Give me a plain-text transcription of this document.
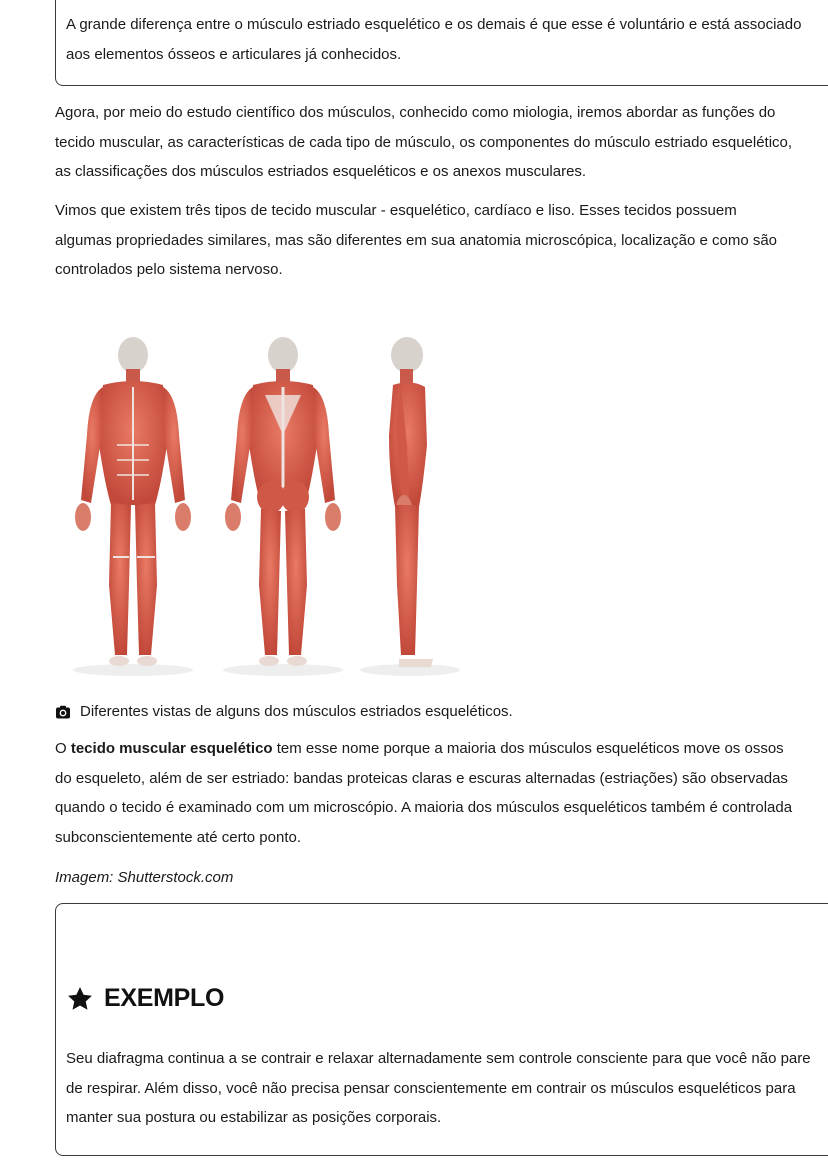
A grande diferença entre o músculo estriado esquelético e os demais é que esse é voluntário e está associado aos elementos ósseos e articulares já conhecidos.

Agora, por meio do estudo científico dos músculos, conhecido como miologia, iremos abordar as funções do tecido muscular, as características de cada tipo de músculo, os componentes do músculo estriado esquelético, as classificações dos músculos estriados esqueléticos e os anexos musculares.

Vimos que existem três tipos de tecido muscular - esquelético, cardíaco e liso. Esses tecidos possuem algumas propriedades similares, mas são diferentes em sua anatomia microscópica, localização e como são controlados pelo sistema nervoso.

Diferentes vistas de alguns dos músculos estriados esqueléticos.

O tecido muscular esquelético tem esse nome porque a maioria dos músculos esqueléticos move os ossos do esqueleto, além de ser estriado: bandas proteicas claras e escuras alternadas (estriações) são observadas quando o tecido é examinado com um microscópio. A maioria dos músculos esqueléticos também é controlada subconscientemente até certo ponto.

Imagem: Shutterstock.com
EXEMPLO

Seu diafragma continua a se contrair e relaxar alternadamente sem controle consciente para que você não pare de respirar. Além disso, você não precisa pensar conscientemente em contrair os músculos esqueléticos para manter sua postura ou estabilizar as posições corporais.
